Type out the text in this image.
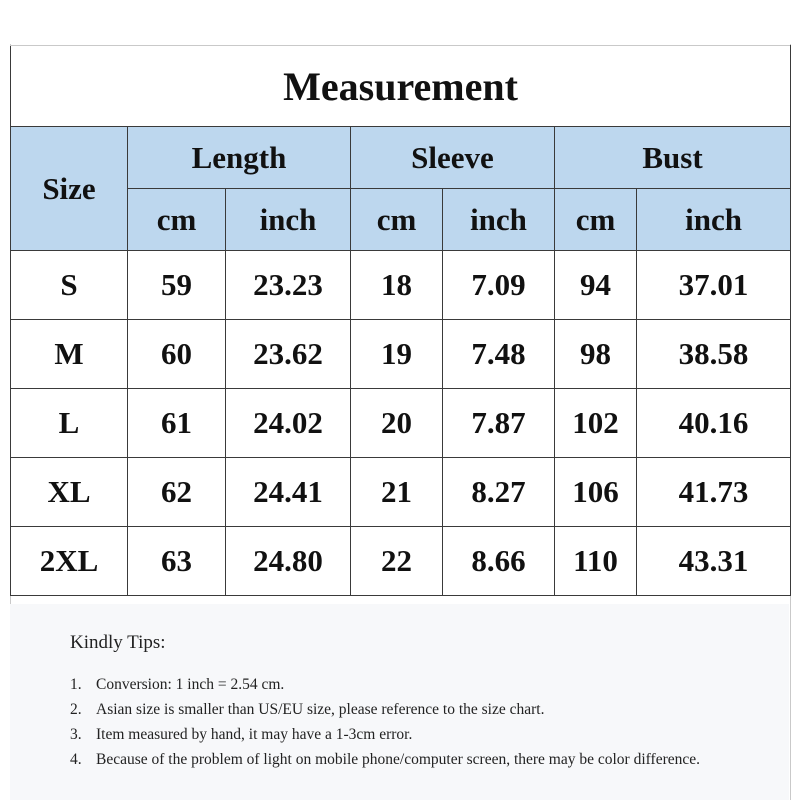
Measurement						
Size	Length		Sleeve		Bust	
	cm	inch	cm	inch	cm	inch
S	59	23.23	18	7.09	94	37.01
M	60	23.62	19	7.48	98	38.58
L	61	24.02	20	7.87	102	40.16
XL	62	24.41	21	8.27	106	41.73
2XL	63	24.80	22	8.66	110	43.31
Kindly Tips:
1. Conversion: 1 inch = 2.54 cm.
2. Asian size is smaller than US/EU size, please reference to the size chart.
3. Item measured by hand, it may have a 1-3cm error.
4. Because of the problem of light on mobile phone/computer screen, there may be color difference.
